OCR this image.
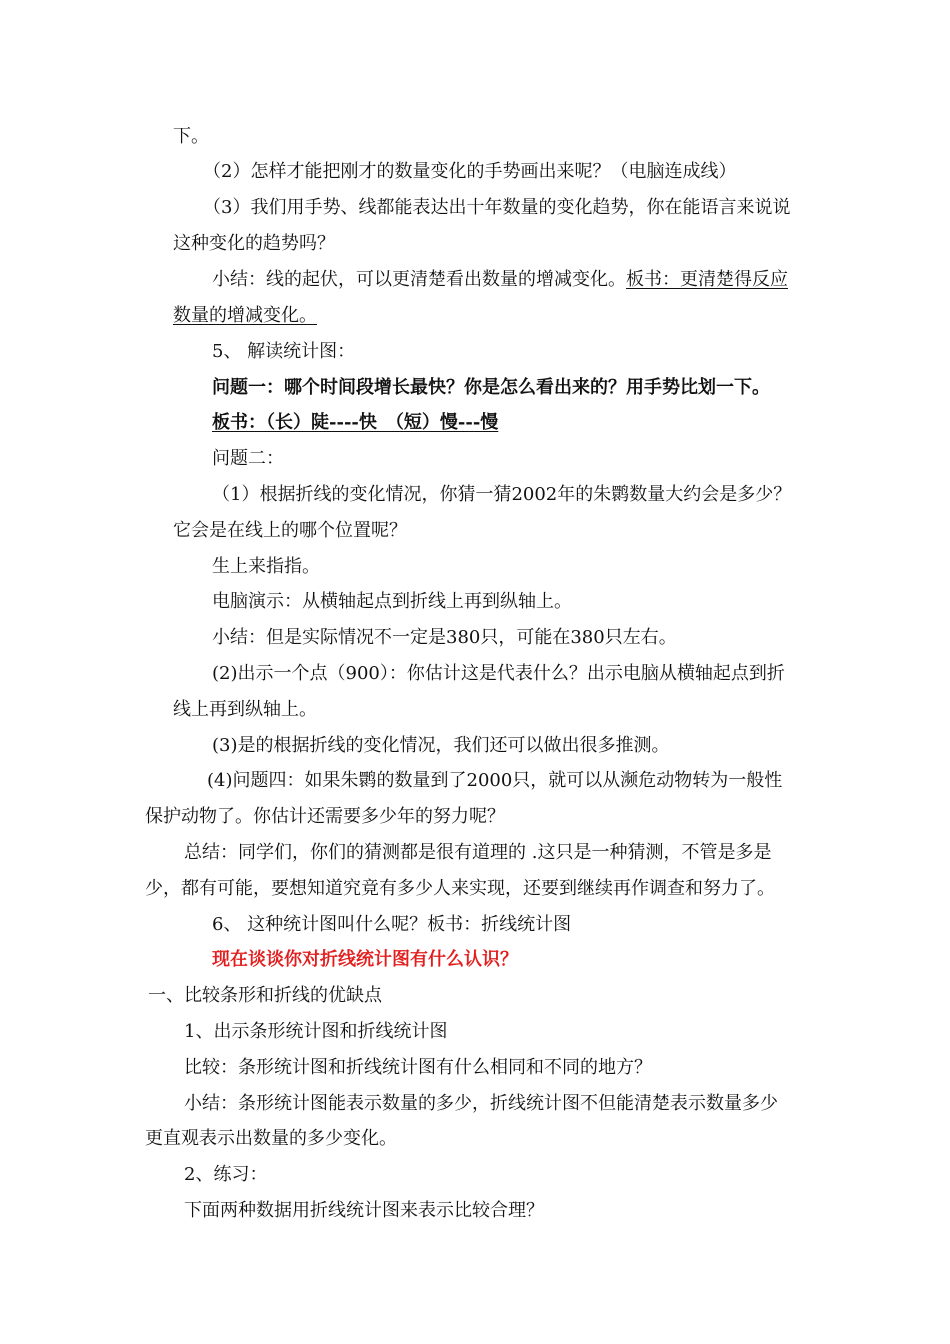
下。
（2）怎样才能把刚才的数量变化的手势画出来呢？（电脑连成线）
（3）我们用手势、线都能表达出十年数量的变化趋势，你在能语言来说说
这种变化的趋势吗？
小结：线的起伏，可以更清楚看出数量的增减变化。板书：更清楚得反应
数量的增减变化。
5、 解读统计图：
问题一：哪个时间段增长最快？你是怎么看出来的？用手势比划一下。
板书：（长）陡----快　（短）慢---慢
问题二：
（1）根据折线的变化情况，你猜一猜2002年的朱鹮数量大约会是多少？
它会是在线上的哪个位置呢？
生上来指指。
电脑演示：从横轴起点到折线上再到纵轴上。
小结：但是实际情况不一定是380只，可能在380只左右。
(2)出示一个点（900）：你估计这是代表什么？出示电脑从横轴起点到折
线上再到纵轴上。
(3)是的根据折线的变化情况，我们还可以做出很多推测。
(4)问题四：如果朱鹮的数量到了2000只，就可以从濒危动物转为一般性
保护动物了。你估计还需要多少年的努力呢？
总结：同学们，你们的猜测都是很有道理的 .这只是一种猜测，不管是多是
少，都有可能，要想知道究竟有多少人来实现，还要到继续再作调查和努力了。
6、 这种统计图叫什么呢？板书：折线统计图
现在谈谈你对折线统计图有什么认识？
一、比较条形和折线的优缺点
1、出示条形统计图和折线统计图
比较：条形统计图和折线统计图有什么相同和不同的地方？
小结：条形统计图能表示数量的多少，折线统计图不但能清楚表示数量多少
更直观表示出数量的多少变化。
2、练习：
下面两种数据用折线统计图来表示比较合理？
